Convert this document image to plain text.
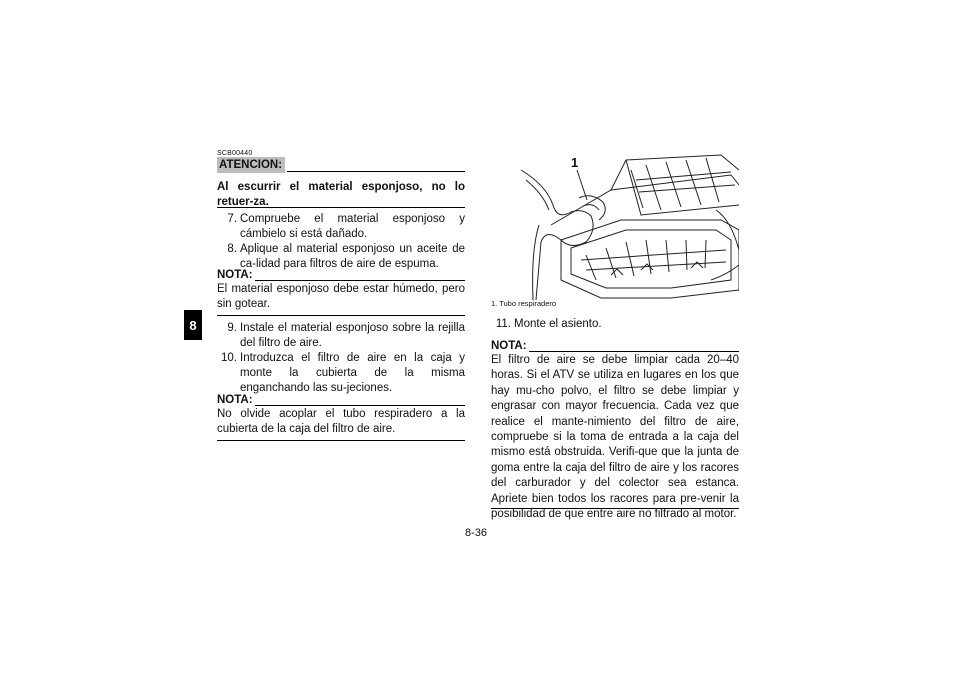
8
SCB00440
ATENCION:
Al escurrir el material esponjoso, no lo retuer-za.
7. Compruebe el material esponjoso y cámbielo si está dañado.
8. Aplique al material esponjoso un aceite de ca-lidad para filtros de aire de espuma.
NOTA:
El material esponjoso debe estar húmedo, pero sin gotear.
9. Instale el material esponjoso sobre la rejilla del filtro de aire.
10. Introduzca el filtro de aire en la caja y monte la cubierta de la misma enganchando las su-jeciones.
NOTA:
No olvide acoplar el tubo respiradero a la cubierta de la caja del filtro de aire.
1
1. Tubo respiradero
11. Monte el asiento.
NOTA:
El filtro de aire se debe limpiar cada 20–40 horas. Si el ATV se utiliza en lugares en los que hay mu-cho polvo, el filtro se debe limpiar y engrasar con mayor frecuencia. Cada vez que realice el mante-nimiento del filtro de aire, compruebe si la toma de entrada a la caja del mismo está obstruida. Verifi-que que la junta de goma entre la caja del filtro de aire y los racores del carburador y del colector sea estanca. Apriete bien todos los racores para pre-venir la posibilidad de que entre aire no filtrado al motor.
8-36
